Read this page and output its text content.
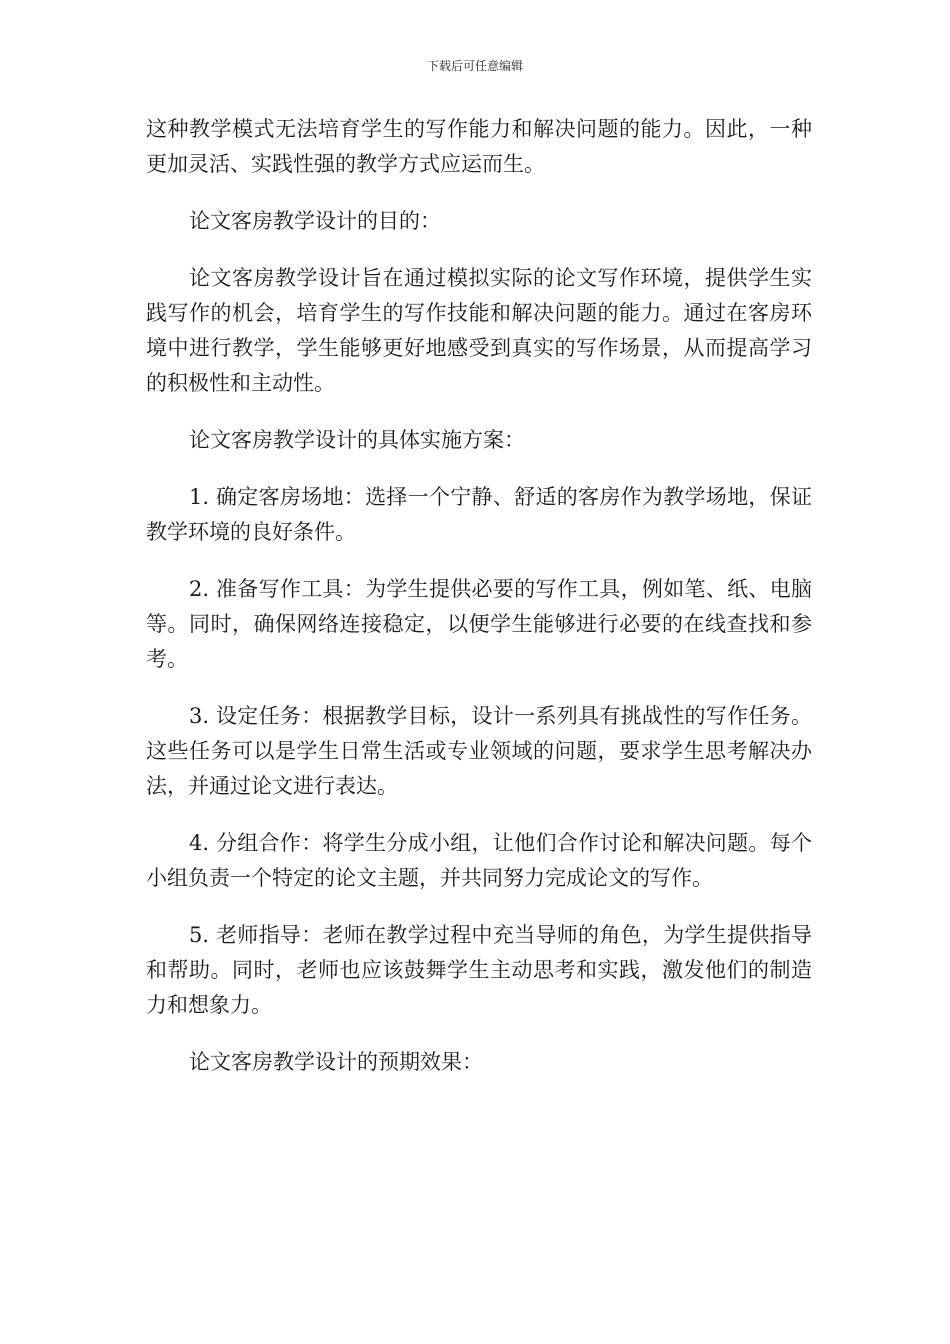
下载后可任意编辑

这种教学模式无法培育学生的写作能力和解决问题的能力。因此，一种更加灵活、实践性强的教学方式应运而生。

论文客房教学设计的目的：

论文客房教学设计旨在通过模拟实际的论文写作环境，提供学生实践写作的机会，培育学生的写作技能和解决问题的能力。通过在客房环境中进行教学，学生能够更好地感受到真实的写作场景，从而提高学习的积极性和主动性。

论文客房教学设计的具体实施方案：

1. 确定客房场地：选择一个宁静、舒适的客房作为教学场地，保证教学环境的良好条件。

2. 准备写作工具：为学生提供必要的写作工具，例如笔、纸、电脑等。同时，确保网络连接稳定，以便学生能够进行必要的在线查找和参考。

3. 设定任务：根据教学目标，设计一系列具有挑战性的写作任务。这些任务可以是学生日常生活或专业领域的问题，要求学生思考解决办法，并通过论文进行表达。

4. 分组合作：将学生分成小组，让他们合作讨论和解决问题。每个小组负责一个特定的论文主题，并共同努力完成论文的写作。

5. 老师指导：老师在教学过程中充当导师的角色，为学生提供指导和帮助。同时，老师也应该鼓舞学生主动思考和实践，激发他们的制造力和想象力。

论文客房教学设计的预期效果：
